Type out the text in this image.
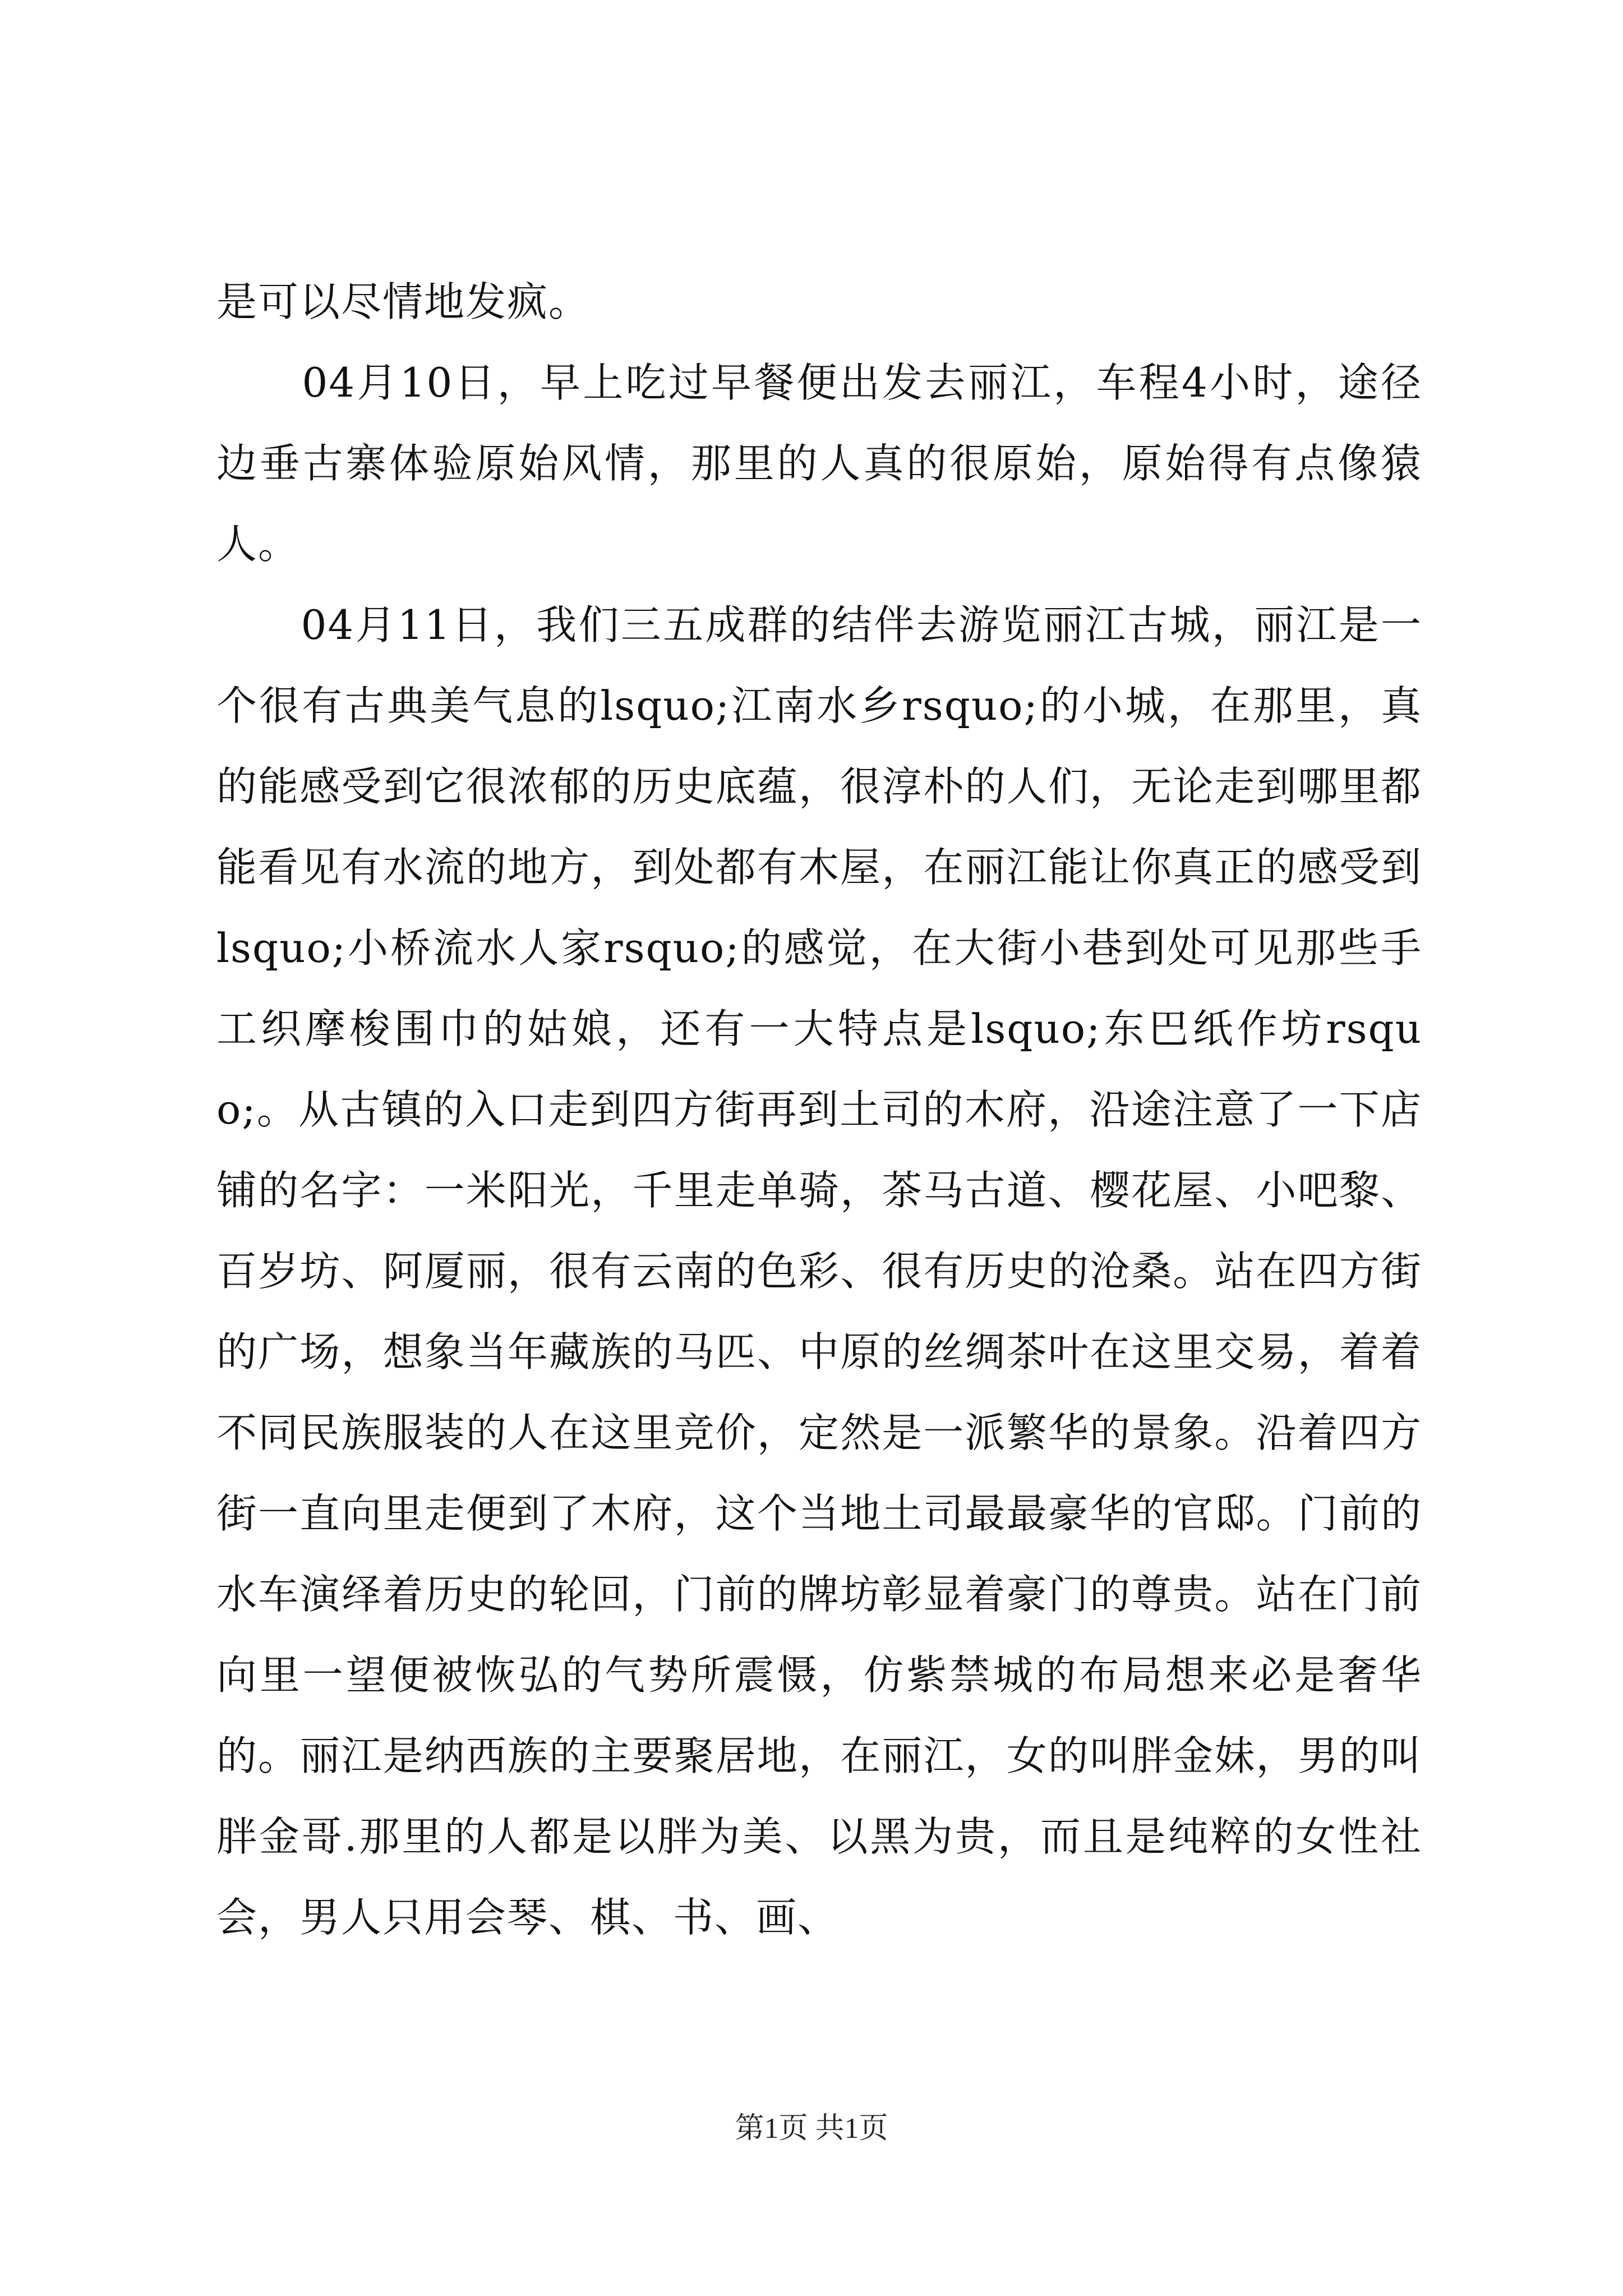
是可以尽情地发疯。

　　04月10日，早上吃过早餐便出发去丽江，车程4小时，途径边垂古寨体验原始风情，那里的人真的很原始，原始得有点像猿人。

　　04月11日，我们三五成群的结伴去游览丽江古城，丽江是一个很有古典美气息的lsquo;江南水乡rsquo;的小城，在那里，真的能感受到它很浓郁的历史底蕴，很淳朴的人们，无论走到哪里都能看见有水流的地方，到处都有木屋，在丽江能让你真正的感受到lsquo;小桥流水人家rsquo;的感觉，在大街小巷到处可见那些手工织摩梭围巾的姑娘，还有一大特点是lsquo;东巴纸作坊rsquo;。从古镇的入口走到四方街再到土司的木府，沿途注意了一下店铺的名字：一米阳光，千里走单骑，茶马古道、樱花屋、小吧黎、百岁坊、阿厦丽，很有云南的色彩、很有历史的沧桑。站在四方街的广场，想象当年藏族的马匹、中原的丝绸茶叶在这里交易，着着不同民族服装的人在这里竞价，定然是一派繁华的景象。沿着四方街一直向里走便到了木府，这个当地土司最最豪华的官邸。门前的水车演绎着历史的轮回，门前的牌坊彰显着豪门的尊贵。站在门前向里一望便被恢弘的气势所震慑，仿紫禁城的布局想来必是奢华的。丽江是纳西族的主要聚居地，在丽江，女的叫胖金妹，男的叫胖金哥.那里的人都是以胖为美、以黑为贵，而且是纯粹的女性社会，男人只用会琴、棋、书、画、

第1页 共1页
